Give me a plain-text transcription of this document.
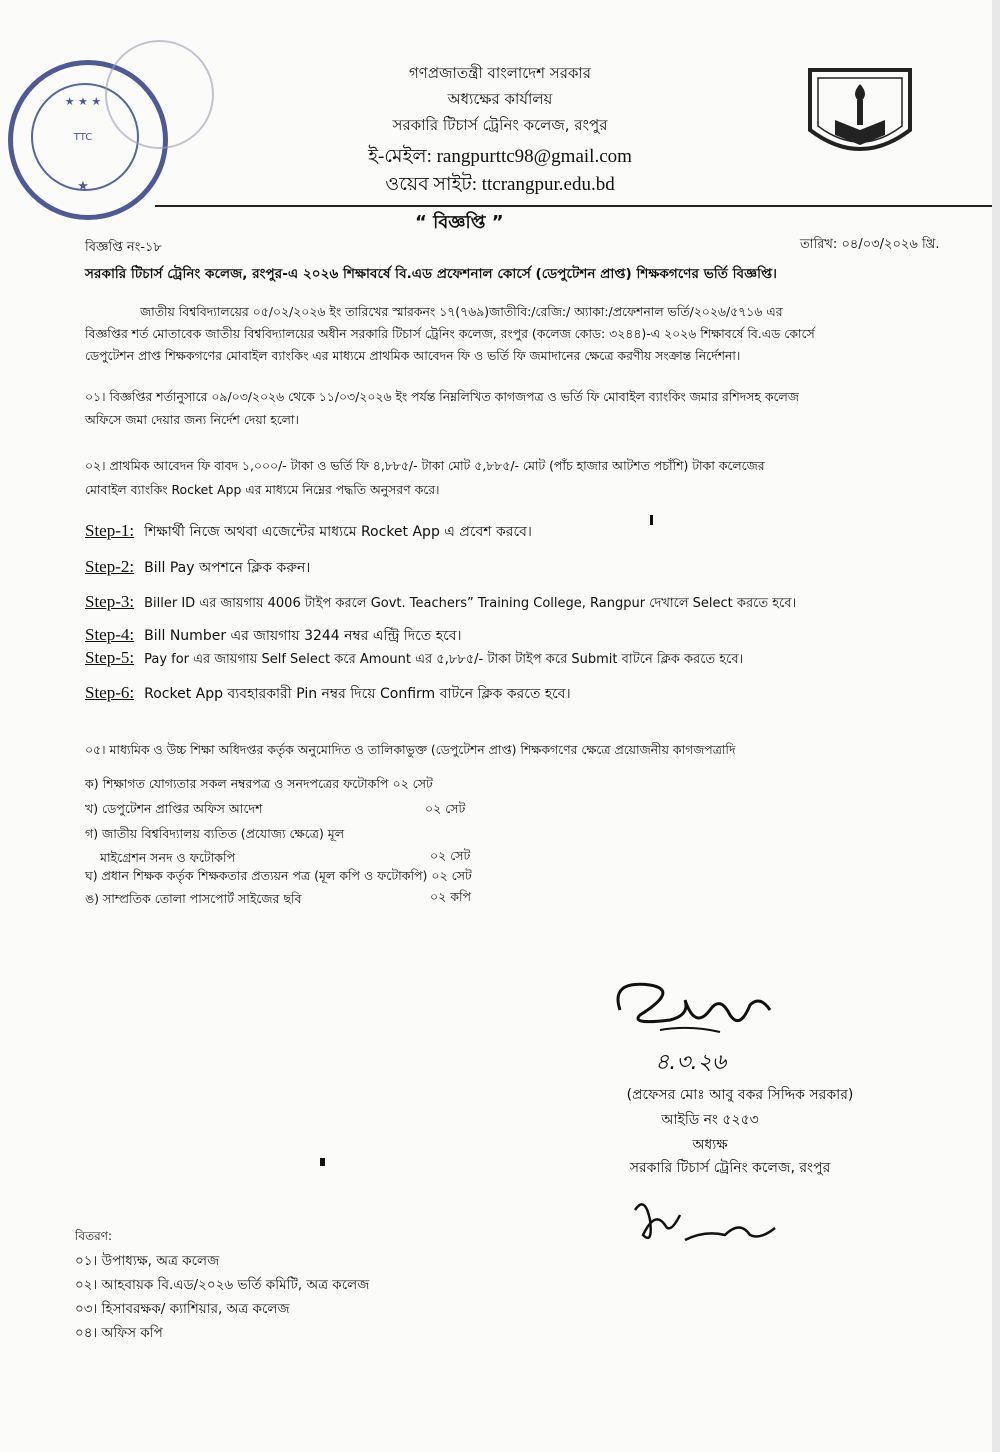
★ ★ ★
TTC
★
গণপ্রজাতন্ত্রী বাংলাদেশ সরকার
অধ্যক্ষের কার্যালয়
সরকারি টিচার্স ট্রেনিং কলেজ, রংপুর
ই-মেইল: rangpurttc98@gmail.com
ওয়েব সাইট: ttcrangpur.edu.bd
“ বিজ্ঞপ্তি ”
বিজ্ঞপ্তি নং-১৮	তারিখ: ০৪/০৩/২০২৬ খ্রি.
সরকারি টিচার্স ট্রেনিং কলেজ, রংপুর-এ ২০২৬ শিক্ষাবর্ষে বি.এড প্রফেশনাল কোর্সে (ডেপুটেশন প্রাপ্ত) শিক্ষকগণের ভর্তি বিজ্ঞপ্তি।
জাতীয় বিশ্ববিদ্যালয়ের ০৫/০২/২০২৬ ইং তারিখের স্মারকনং ১৭(৭৬৯)জাতীবি:/রেজি:/ অ্যাকা:/প্রফেশনাল ভর্তি/২০২৬/৫৭১৬ এর
বিজ্ঞপ্তির শর্ত মোতাবেক জাতীয় বিশ্ববিদ্যালয়ের অধীন সরকারি টিচার্স ট্রেনিং কলেজ, রংপুর (কলেজ কোড: ৩২৪৪)-এ ২০২৬ শিক্ষাবর্ষে বি.এড কোর্সে
ডেপুটেশন প্রাপ্ত শিক্ষকগণের মোবাইল ব্যাংকিং এর মাধ্যমে প্রাথমিক আবেদন ফি ও ভর্তি ফি জমাদানের ক্ষেত্রে করণীয় সংক্রান্ত নির্দেশনা।
০১। বিজ্ঞপ্তির শর্তানুসারে ০৯/০৩/২০২৬ থেকে ১১/০৩/২০২৬ ইং পর্যন্ত নিম্নলিখিত কাগজপত্র ও ভর্তি ফি মোবাইল ব্যাংকিং জমার রশিদসহ কলেজ
অফিসে জমা দেয়ার জন্য নির্দেশ দেয়া হলো।
০২। প্রাথমিক আবেদন ফি বাবদ ১,০০০/- টাকা ও ভর্তি ফি ৪,৮৮৫/- টাকা মোট ৫,৮৮৫/- মোট (পাঁচ হাজার আটশত পচাঁশি) টাকা কলেজের
মোবাইল ব্যাংকিং Rocket App এর মাধ্যমে নিম্নের পদ্ধতি অনুসরণ করে।
Step-1: শিক্ষার্থী নিজে অথবা এজেন্টের মাধ্যমে Rocket App এ প্রবেশ করবে।
Step-2: Bill Pay অপশনে ক্লিক করুন।
Step-3: Biller ID এর জায়গায় 4006 টাইপ করলে Govt. Teachers” Training College, Rangpur দেখালে Select করতে হবে।
Step-4: Bill Number এর জায়গায় 3244 নম্বর এন্ট্রি দিতে হবে।
Step-5: Pay for এর জায়গায় Self Select করে Amount এর ৫,৮৮৫/- টাকা টাইপ করে Submit বাটনে ক্লিক করতে হবে।
Step-6: Rocket App ব্যবহারকারী Pin নম্বর দিয়ে Confirm বাটনে ক্লিক করতে হবে।
০৫। মাধ্যমিক ও উচ্চ শিক্ষা অধিদপ্তর কর্তৃক অনুমোদিত ও তালিকাভুক্ত (ডেপুটেশন প্রাপ্ত) শিক্ষকগণের ক্ষেত্রে প্রয়োজনীয় কাগজপত্রাদি
ক) শিক্ষাগত যোগ্যতার সকল নম্বরপত্র ও সনদপত্রের ফটোকপি ০২ সেট
খ) ডেপুটেশন প্রাপ্তির অফিস আদেশ	০২ সেট
গ) জাতীয় বিশ্ববিদ্যালয় ব্যতিত (প্রযোজ্য ক্ষেত্রে) মূল
মাইগ্রেশন সনদ ও ফটোকপি	০২ সেট
ঘ) প্রধান শিক্ষক কর্তৃক শিক্ষকতার প্রত্যয়ন পত্র (মূল কপি ও ফটোকপি) ০২ সেট
ঙ) সাম্প্রতিক তোলা পাসপোর্ট সাইজের ছবি	০২ কপি
৪.৩.২৬
(প্রফেসর মোঃ আবু বকর সিদ্দিক সরকার)
আইডি নং ৫২৫৩
অধ্যক্ষ
সরকারি টিচার্স ট্রেনিং কলেজ, রংপুর
বিতরণ:
০১। উপাধ্যক্ষ, অত্র কলেজ
০২। আহবায়ক বি.এড/২০২৬ ভর্তি কমিটি, অত্র কলেজ
০৩। হিসাবরক্ষক/ ক্যাশিয়ার, অত্র কলেজ
০৪। অফিস কপি
